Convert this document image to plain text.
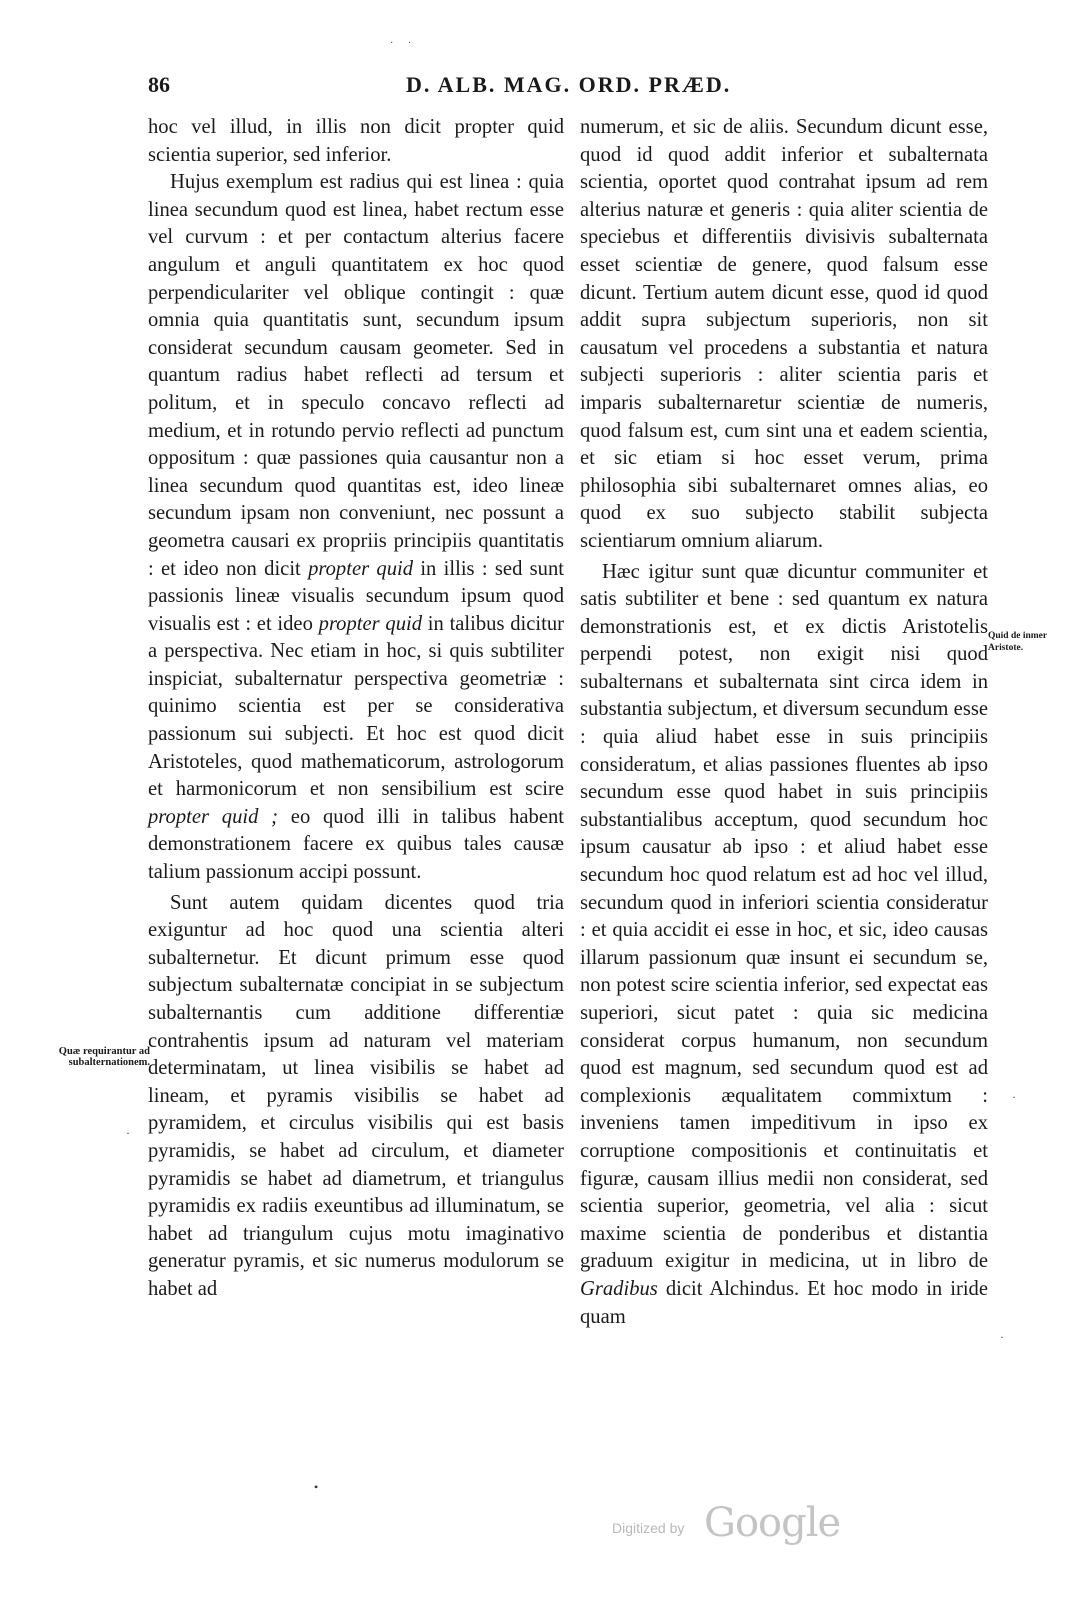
· ·
86	D. ALB. MAG. ORD. PRÆD.

hoc vel illud, in illis non dicit propter quid scientia superior, sed inferior.

Hujus exemplum est radius qui est linea : quia linea secundum quod est linea, habet rectum esse vel curvum : et per contactum alterius facere angulum et anguli quantitatem ex hoc quod perpendiculariter vel oblique contingit : quæ omnia quia quantitatis sunt, secundum ipsum considerat secundum causam geometer. Sed in quantum radius habet reflecti ad tersum et politum, et in speculo concavo reflecti ad medium, et in rotundo pervio reflecti ad punctum oppositum : quæ passiones quia causantur non a linea secundum quod quantitas est, ideo lineæ secundum ipsam non conveniunt, nec possunt a geometra causari ex propriis principiis quantitatis : et ideo non dicit propter quid in illis : sed sunt passionis lineæ visualis secundum ipsum quod visualis est : et ideo propter quid in talibus dicitur a perspectiva. Nec etiam in hoc, si quis subtiliter inspiciat, subalternatur perspectiva geometriæ : quinimo scientia est per se considerativa passionum sui subjecti. Et hoc est quod dicit Aristoteles, quod mathematicorum, astrologorum et harmonicorum et non sensibilium est scire propter quid ; eo quod illi in talibus habent demonstrationem facere ex quibus tales causæ talium passionum accipi possunt.

Sunt autem quidam dicentes quod tria exiguntur ad hoc quod una scientia alteri subalternetur. Et dicunt primum esse quod subjectum subalternatæ concipiat in se subjectum subalternantis cum additione differentiæ contrahentis ipsum ad naturam vel materiam determinatam, ut linea visibilis se habet ad lineam, et pyramis visibilis se habet ad pyramidem, et circulus visibilis qui est basis pyramidis, se habet ad circulum, et diameter pyramidis se habet ad diametrum, et triangulus pyramidis ex radiis exeuntibus ad illuminatum, se habet ad triangulum cujus motu imaginativo generatur pyramis, et sic numerus modulorum se habet ad

numerum, et sic de aliis. Secundum dicunt esse, quod id quod addit inferior et subalternata scientia, oportet quod contrahat ipsum ad rem alterius naturæ et generis : quia aliter scientia de speciebus et differentiis divisivis subalternata esset scientiæ de genere, quod falsum esse dicunt. Tertium autem dicunt esse, quod id quod addit supra subjectum superioris, non sit causatum vel procedens a substantia et natura subjecti superioris : aliter scientia paris et imparis subalternaretur scientiæ de numeris, quod falsum est, cum sint una et eadem scientia, et sic etiam si hoc esset verum, prima philosophia sibi subalternaret omnes alias, eo quod ex suo subjecto stabilit subjecta scientiarum omnium aliarum.

Hæc igitur sunt quæ dicuntur communiter et satis subtiliter et bene : sed quantum ex natura demonstrationis est, et ex dictis Aristotelis perpendi potest, non exigit nisi quod subalternans et subalternata sint circa idem in substantia subjectum, et diversum secundum esse : quia aliud habet esse in suis principiis consideratum, et alias passiones fluentes ab ipso secundum esse quod habet in suis principiis substantialibus acceptum, quod secundum hoc ipsum causatur ab ipso : et aliud habet esse secundum hoc quod relatum est ad hoc vel illud, secundum quod in inferiori scientia consideratur : et quia accidit ei esse in hoc, et sic, ideo causas illarum passionum quæ insunt ei secundum se, non potest scire scientia inferior, sed expectat eas superiori, sicut patet : quia sic medicina considerat corpus humanum, non secundum quod est magnum, sed secundum quod est ad complexionis æqualitatem commixtum : inveniens tamen impeditivum in ipso ex corruptione compositionis et continuitatis et figuræ, causam illius medii non considerat, sed scientia superior, geometria, vel alia : sicut maxime scientia de ponderibus et distantia graduum exigitur in medicina, ut in libro de Gradibus dicit Alchindus. Et hoc modo in iride quam

Quæ requirantur ad subalternationem.
Quid de inmer Aristote.
·
·
·
•
Digitized by Google
